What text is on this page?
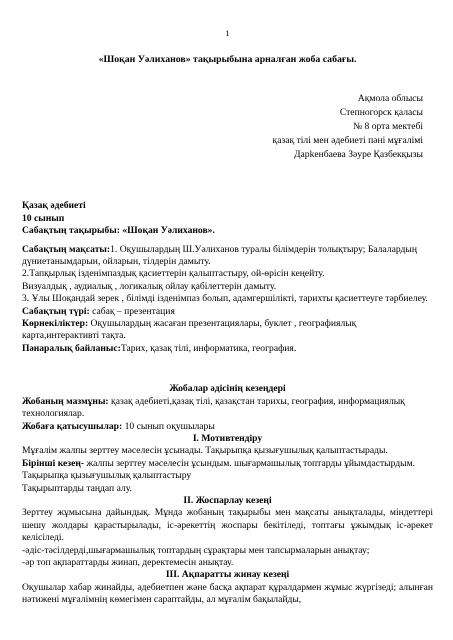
1
«Шоқан Уәлиханов» тақырыбына арналған жоба сабағы.
Ақмола облысы
Степногорск қаласы
№ 8 орта мектебі
қазақ тілі мен әдебиеті пәні мұғалімі
Дарkенбаева Зәуре Қазбекқызы

Қазақ әдебиеті

10 сынып

Сабақтың тақырыбы: «Шоқан Уәлиханов».

Сабақтың мақсаты:1. Оқушылардың Ш.Уәлиханов туралы білімдерін толықтыру; Балалардың дүниетанымдарын, ойларын, тілдерін дамыту.

2.Тапқырлық ізденімпаздық қасиеттерін қалыптастыру, ой-өрісін кеңейту.

Визуалдық , аудиалық , логикалық ойлау қабілеттерін дамыту.

3. Ұлы Шоқандай зерек , білімді ізденімпаз болып, адамгершілікті, тарихты қасиеттеуге тәрбиелеу.

Сабақтың түрі: сабақ – презентация

Көрнекіліктер: Оқушылардың жасаған презентациялары, буклет , географиялық карта,интерактивті тақта.

Пәнаралық байланыс:Тарих, қазақ тілі, информатика, география.

Жобалар әдісінің кезеңдері

Жобаның мазмұны: қазақ әдебиеті,қазақ тілі, қазақстан тарихы, география, информациялық технологиялар.

Жобаға қатысушылар: 10 сынып оқушылары

І. Мотивтендіру

Мұғалім жалпы зерттеу мәселесін ұсынады. Тақырыпқа қызығушылық қалыптастырады.

Бірінші кезең- жалпы зерттеу мәселесін ұсындым. шығармашылық топтарды ұйымдастырдым.

Тақырыпқа қызығушылық қалыптастыру

Тақырыптарды таңдап алу.

ІІ. Жоспарлау кезеңі

Зерттеу жұмысына дайындық. Мұнда жобаның тақырыбы мен мақсаты анықталады, міндеттері шешу жолдары қарастырылады, іс-әрекеттің жоспары бекітіледі, топтағы ұжымдық іс-әрекет келісіледі.

-әдіс-тәсілдерді,шығармашылық топтардың сұрақтары мен тапсырмаларын анықтау;

-әр топ ақпараттарды жинап, деректемесін анықтау.

ІІІ. Ақпаратты жинау кезеңі

Оқушылар хабар жинайды, әдебиетпен және басқа ақпарат құралдармен жұмыс жүргізеді; алынған нәтижені мұғалімнің көмегімен сараптайды, ал мұғалім бақылайды,
